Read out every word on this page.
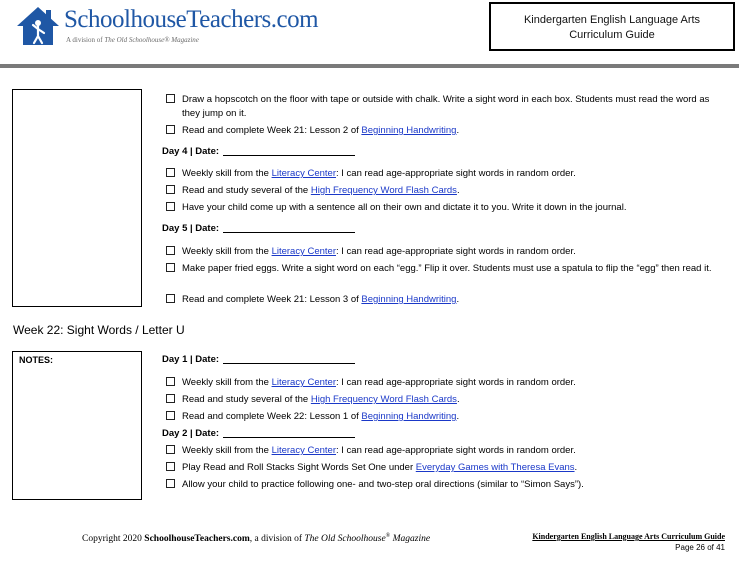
SchoolhouseTeachers.com
A division of The Old Schoolhouse® Magazine
Kindergarten English Language Arts
Curriculum Guide
Draw a hopscotch on the floor with tape or outside with chalk. Write a sight word in each box. Students must read the word as they jump on it.
Read and complete Week 21: Lesson 2 of Beginning Handwriting.
Day 4 | Date:
Weekly skill from the Literacy Center: I can read age-appropriate sight words in random order.
Read and study several of the High Frequency Word Flash Cards.
Have your child come up with a sentence all on their own and dictate it to you. Write it down in the journal.
Day 5 | Date:
Weekly skill from the Literacy Center: I can read age-appropriate sight words in random order.
Make paper fried eggs. Write a sight word on each “egg.” Flip it over. Students must use a spatula to flip the “egg” then read it.
Read and complete Week 21: Lesson 3 of Beginning Handwriting.
Week 22: Sight Words / Letter U
NOTES:	Day 1 | Date:
Weekly skill from the Literacy Center: I can read age-appropriate sight words in random order.
Read and study several of the High Frequency Word Flash Cards.
Read and complete Week 22: Lesson 1 of Beginning Handwriting.
Day 2 | Date:
Weekly skill from the Literacy Center: I can read age-appropriate sight words in random order.
Play Read and Roll Stacks Sight Words Set One under Everyday Games with Theresa Evans.
Allow your child to practice following one- and two-step oral directions (similar to “Simon Says”).
Copyright 2020 SchoolhouseTeachers.com, a division of The Old Schoolhouse® Magazine	Kindergarten English Language Arts Curriculum Guide
Page 26 of 41
